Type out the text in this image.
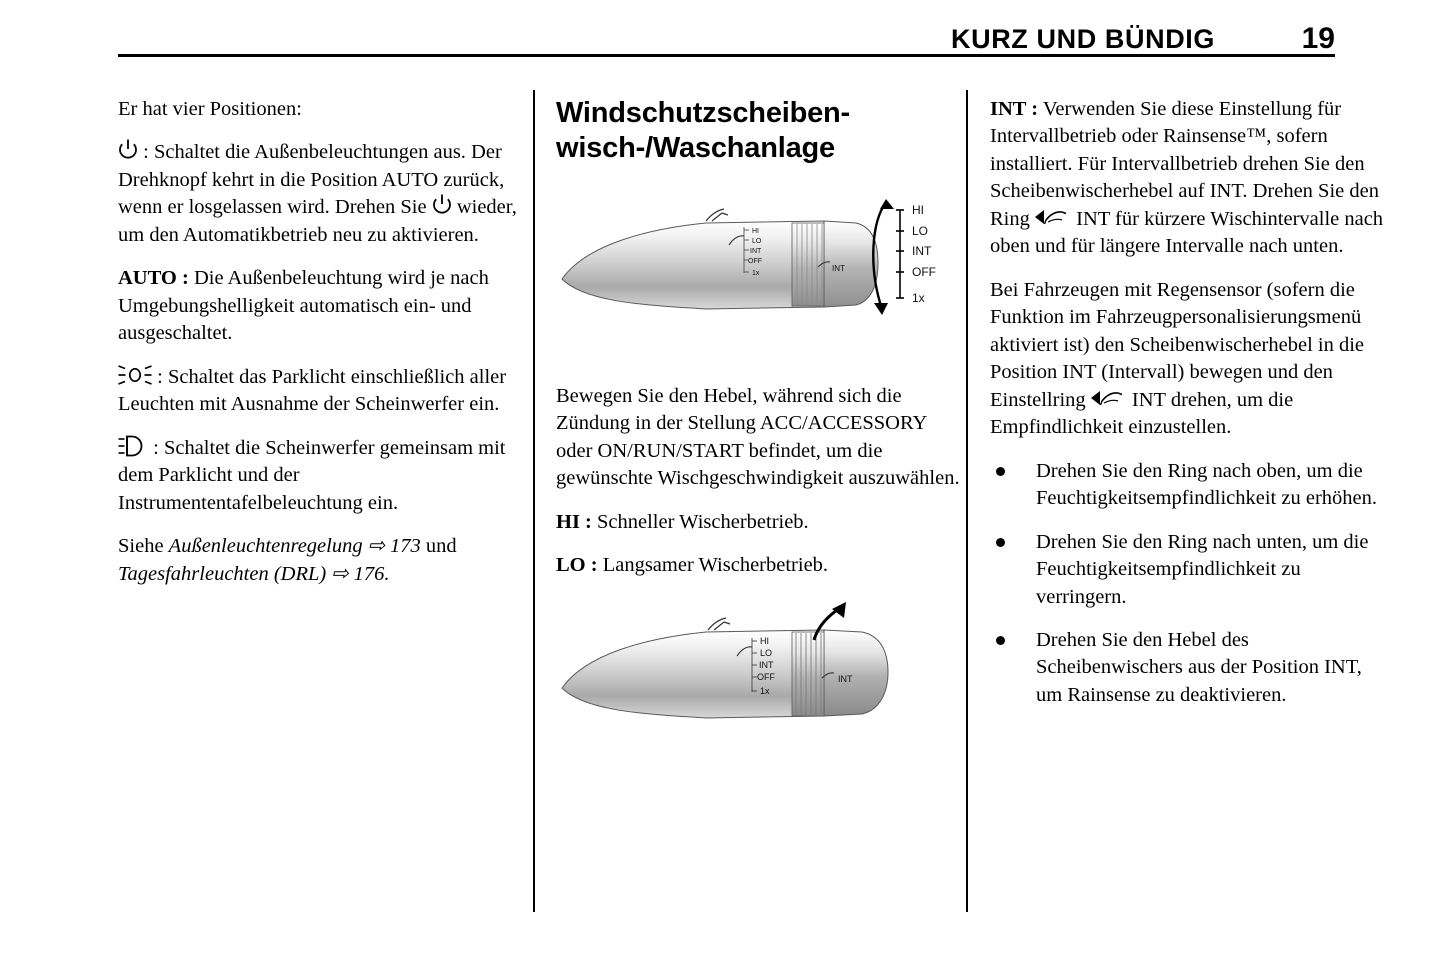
KURZ UND BÜNDIG	19

Er hat vier Positionen:

: Schaltet die Außenbeleuchtungen aus. Der Drehknopf kehrt in die Position AUTO zurück, wenn er losgelassen wird. Drehen Sie wieder, um den Automatikbetrieb neu zu aktivieren.

AUTO : Die Außenbeleuchtung wird je nach Umgebungshelligkeit automatisch ein- und ausgeschaltet.

: Schaltet das Parklicht einschließlich aller Leuchten mit Ausnahme der Scheinwerfer ein.

: Schaltet die Scheinwerfer gemeinsam mit dem Parklicht und der Instrumententafelbeleuchtung ein.

Siehe Außenleuchtenregelung ⇨ 173 und Tagesfahrleuchten (DRL) ⇨ 176.

Windschutzscheiben-wisch-/Waschanlage
HI
LO
INT
OFF
1x
INT
HI
LO
INT
OFF
1x

Bewegen Sie den Hebel, während sich die Zündung in der Stellung ACC/ACCESSORY oder ON/RUN/START befindet, um die gewünschte Wischgeschwindigkeit auszuwählen.

HI : Schneller Wischerbetrieb.

LO : Langsamer Wischerbetrieb.

HI
LO
INT
OFF
1x
INT

INT : Verwenden Sie diese Einstellung für Intervallbetrieb oder Rainsense™, sofern installiert. Für Intervallbetrieb drehen Sie den Scheibenwischerhebel auf INT. Drehen Sie den Ring INT für kürzere Wischintervalle nach oben und für längere Intervalle nach unten.

Bei Fahrzeugen mit Regensensor (sofern die Funktion im Fahrzeugpersonalisierungsmenü aktiviert ist) den Scheibenwischerhebel in die Position INT (Intervall) bewegen und den Einstellring INT drehen, um die Empfindlichkeit einzustellen.

Drehen Sie den Ring nach oben, um die Feuchtigkeitsempfindlichkeit zu erhöhen.
Drehen Sie den Ring nach unten, um die Feuchtigkeitsempfindlichkeit zu verringern.
Drehen Sie den Hebel des Scheibenwischers aus der Position INT, um Rainsense zu deaktivieren.
